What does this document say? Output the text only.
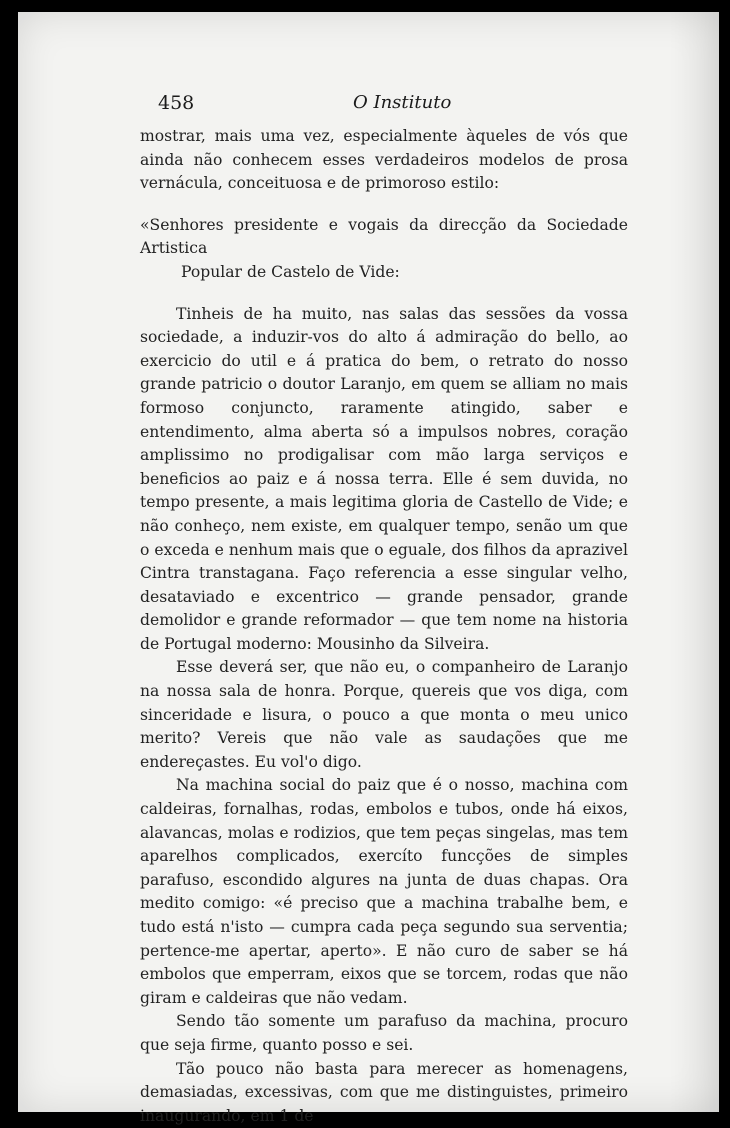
458	O Instituto

mostrar, mais uma vez, especialmente àqueles de vós que ainda não conhecem esses verdadeiros modelos de prosa vernácula, conceituosa e de primoroso estilo:

«Senhores presidente e vogais da direcção da Sociedade Artistica

Popular de Castelo de Vide:

Tinheis de ha muito, nas salas das sessões da vossa sociedade, a induzir-vos do alto á admiração do bello, ao exercicio do util e á pratica do bem, o retrato do nosso grande patricio o doutor Laranjo, em quem se alliam no mais formoso conjuncto, raramente atingido, saber e entendimento, alma aberta só a impulsos nobres, coração amplissimo no prodigalisar com mão larga serviços e beneficios ao paiz e á nossa terra. Elle é sem duvida, no tempo presente, a mais legitima gloria de Castello de Vide; e não conheço, nem existe, em qualquer tempo, senão um que o exceda e nenhum mais que o eguale, dos filhos da aprazivel Cintra transtagana. Faço referencia a esse singular velho, desataviado e excentrico — grande pensador, grande demolidor e grande reformador — que tem nome na historia de Portugal moderno: Mousinho da Silveira.

Esse deverá ser, que não eu, o companheiro de Laranjo na nossa sala de honra. Porque, quereis que vos diga, com sinceridade e lisura, o pouco a que monta o meu unico merito? Vereis que não vale as saudações que me endereçastes. Eu vol'o digo.

Na machina social do paiz que é o nosso, machina com caldeiras, fornalhas, rodas, embolos e tubos, onde há eixos, alavancas, molas e rodizios, que tem peças singelas, mas tem aparelhos complicados, exercíto funcções de simples parafuso, escondido algures na junta de duas chapas. Ora medito comigo: «é preciso que a machina trabalhe bem, e tudo está n'isto — cumpra cada peça segundo sua serventia; pertence-me apertar, aperto». E não curo de saber se há embolos que emperram, eixos que se torcem, rodas que não giram e caldeiras que não vedam.

Sendo tão somente um parafuso da machina, procuro que seja firme, quanto posso e sei.

Tão pouco não basta para merecer as homenagens, demasiadas, excessivas, com que me distinguistes, primeiro inaugurando, em 1 de
